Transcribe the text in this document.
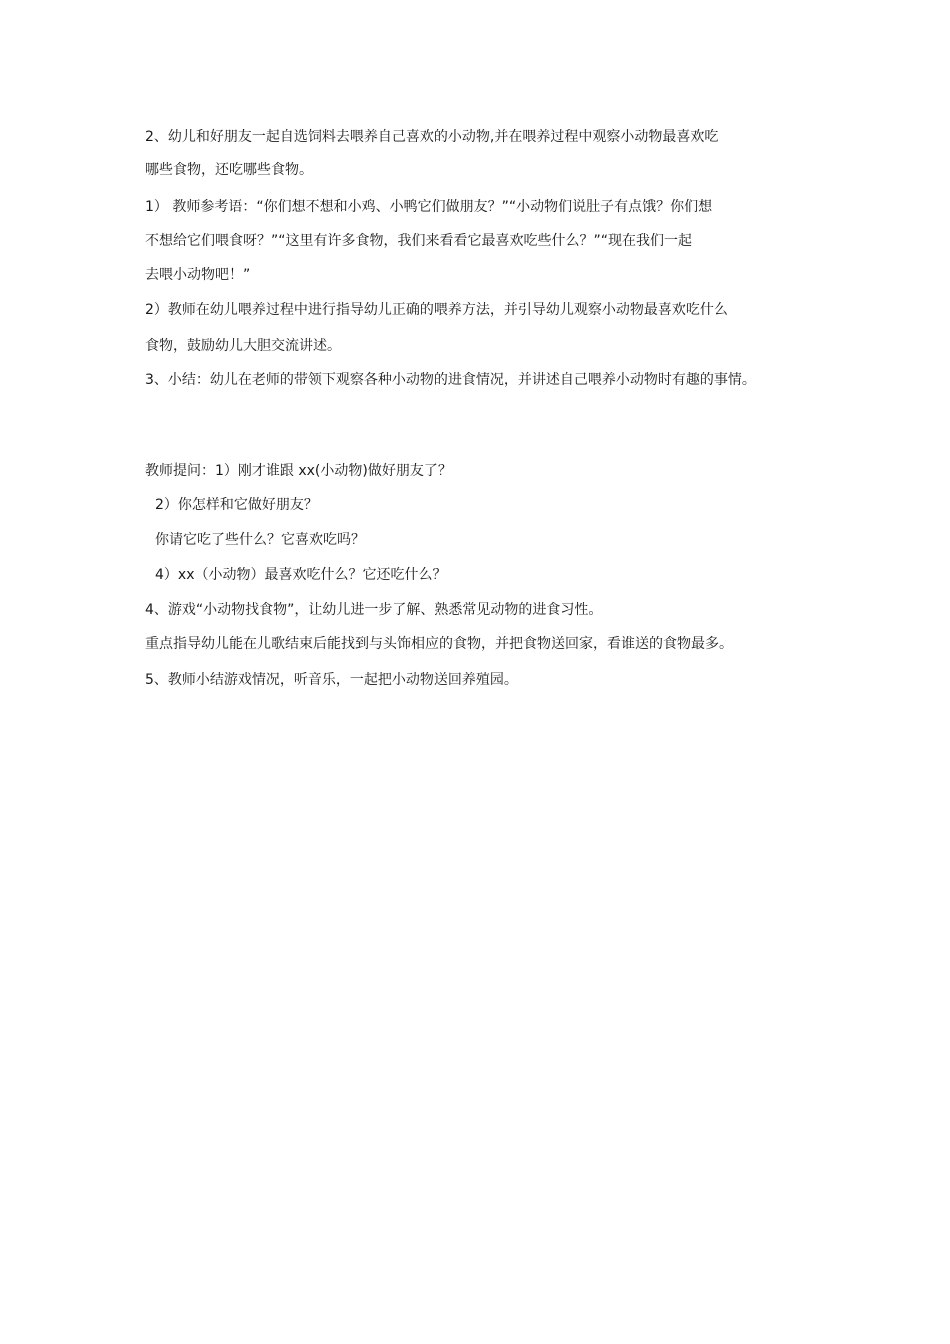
2、幼儿和好朋友一起自选饲料去喂养自己喜欢的小动物,并在喂养过程中观察小动物最喜欢吃
哪些食物，还吃哪些食物。
1） 教师参考语：“你们想不想和小鸡、小鸭它们做朋友？”“小动物们说肚子有点饿？你们想
不想给它们喂食呀？”“这里有许多食物，我们来看看它最喜欢吃些什么？”“现在我们一起
去喂小动物吧！”
2）教师在幼儿喂养过程中进行指导幼儿正确的喂养方法，并引导幼儿观察小动物最喜欢吃什么
食物，鼓励幼儿大胆交流讲述。
3、小结：幼儿在老师的带领下观察各种小动物的进食情况，并讲述自己喂养小动物时有趣的事情。
教师提问：1）刚才谁跟 xx(小动物)做好朋友了？
2）你怎样和它做好朋友？
你请它吃了些什么？它喜欢吃吗？
4）xx（小动物）最喜欢吃什么？它还吃什么？
4、游戏“小动物找食物”，让幼儿进一步了解、熟悉常见动物的进食习性。
重点指导幼儿能在儿歌结束后能找到与头饰相应的食物，并把食物送回家，看谁送的食物最多。
5、教师小结游戏情况，听音乐，一起把小动物送回养殖园。
